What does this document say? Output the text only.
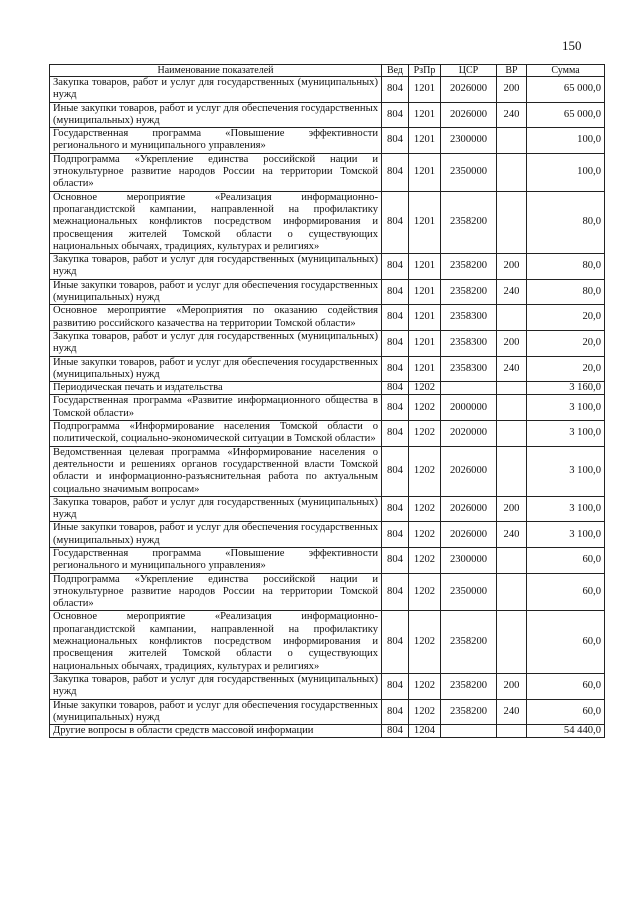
150
Наименование показателей	Вед	РзПр	ЦСР	ВР	Сумма
Закупка товаров, работ и услуг для государственных (муниципальных) нужд	804	1201	2026000	200	65 000,0
Иные закупки товаров, работ и услуг для обеспечения государственных (муниципальных) нужд	804	1201	2026000	240	65 000,0
Государственная программа «Повышение эффективности регионального и муниципального управления»	804	1201	2300000		100,0
Подпрограмма «Укрепление единства российской нации и этнокультурное развитие народов России на территории Томской области»	804	1201	2350000		100,0
Основное мероприятие «Реализация информационно-пропагандистской кампании, направленной на профилактику межнациональных конфликтов посредством информирования и просвещения жителей Томской области о существующих национальных обычаях, традициях, культурах и религиях»	804	1201	2358200		80,0
Закупка товаров, работ и услуг для государственных (муниципальных) нужд	804	1201	2358200	200	80,0
Иные закупки товаров, работ и услуг для обеспечения государственных (муниципальных) нужд	804	1201	2358200	240	80,0
Основное мероприятие «Мероприятия по оказанию содействия развитию российского казачества на территории Томской области»	804	1201	2358300		20,0
Закупка товаров, работ и услуг для государственных (муниципальных) нужд	804	1201	2358300	200	20,0
Иные закупки товаров, работ и услуг для обеспечения государственных (муниципальных) нужд	804	1201	2358300	240	20,0
Периодическая печать и издательства	804	1202			3 160,0
Государственная программа «Развитие информационного общества в Томской области»	804	1202	2000000		3 100,0
Подпрограмма «Информирование населения Томской области о политической, социально-экономической ситуации в Томской области»	804	1202	2020000		3 100,0
Ведомственная целевая программа «Информирование населения о деятельности и решениях органов государственной власти Томской области и информационно-разъяснительная работа по актуальным социально значимым вопросам»	804	1202	2026000		3 100,0
Закупка товаров, работ и услуг для государственных (муниципальных) нужд	804	1202	2026000	200	3 100,0
Иные закупки товаров, работ и услуг для обеспечения государственных (муниципальных) нужд	804	1202	2026000	240	3 100,0
Государственная программа «Повышение эффективности регионального и муниципального управления»	804	1202	2300000		60,0
Подпрограмма «Укрепление единства российской нации и этнокультурное развитие народов России на территории Томской области»	804	1202	2350000		60,0
Основное мероприятие «Реализация информационно-пропагандистской кампании, направленной на профилактику межнациональных конфликтов посредством информирования и просвещения жителей Томской области о существующих национальных обычаях, традициях, культурах и религиях»	804	1202	2358200		60,0
Закупка товаров, работ и услуг для государственных (муниципальных) нужд	804	1202	2358200	200	60,0
Иные закупки товаров, работ и услуг для обеспечения государственных (муниципальных) нужд	804	1202	2358200	240	60,0
Другие вопросы в области средств массовой информации	804	1204			54 440,0
